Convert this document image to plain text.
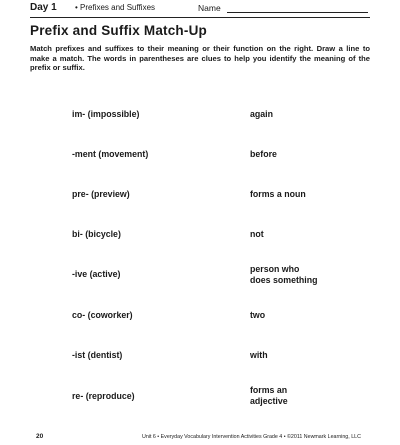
Day 1 • Prefixes and Suffixes	Name
Prefix and Suffix Match-Up
Match prefixes and suffixes to their meaning or their function on the right. Draw a line to make a match. The words in parentheses are clues to help you identify the meaning of the prefix or suffix.
im- (impossible)
-ment (movement)
pre- (preview)
bi- (bicycle)
-ive (active)
co- (coworker)
-ist (dentist)
re- (reproduce)
again
before
forms a noun
not
person who
does something
two
with
forms an
adjective
20	Unit 6 • Everyday Vocabulary Intervention Activities Grade 4 • ©2011 Newmark Learning, LLC
